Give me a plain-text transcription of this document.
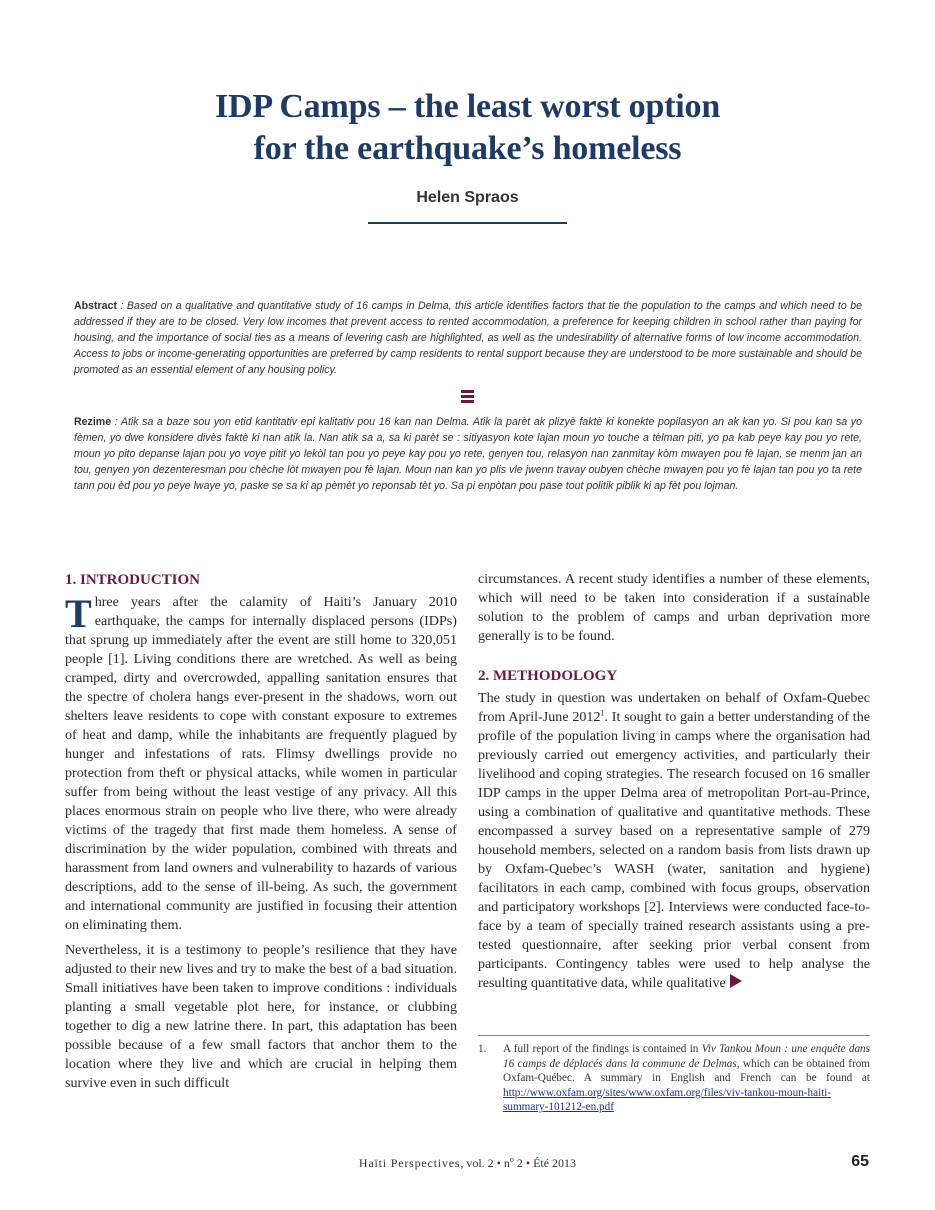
IDP Camps – the least worst option
for the earthquake’s homeless
Helen Spraos

Abstract : Based on a qualitative and quantitative study of 16 camps in Delma, this article identifies factors that tie the population to the camps and which need to be addressed if they are to be closed. Very low incomes that prevent access to rented accommodation, a preference for keeping children in school rather than paying for housing, and the importance of social ties as a means of levering cash are highlighted, as well as the undesirability of alternative forms of low income accommodation. Access to jobs or income-generating opportunities are preferred by camp residents to rental support because they are understood to be more sustainable and should be promoted as an essential element of any housing policy.

Rezime : Atik sa a baze sou yon etid kantitativ epi kalitativ pou 16 kan nan Delma. Atik la parèt ak plizyè faktè ki konekte popilasyon an ak kan yo. Si pou kan sa yo fèmen, yo dwe konsidere divès faktè ki nan atik la. Nan atik sa a, sa ki parèt se : sitiyasyon kote lajan moun yo touche a tèlman piti, yo pa kab peye kay pou yo rete, moun yo pito depanse lajan pou yo voye pitit yo lekòl tan pou yo peye kay pou yo rete, genyen tou, relasyon nan zanmitay kòm mwayen pou fè lajan, se menm jan an tou, genyen yon dezenteresman pou chèche lòt mwayen pou fè lajan. Moun nan kan yo plis vle jwenn travay oubyen chèche mwayen pou yo fè lajan tan pou yo ta rete tann pou èd pou yo peye lwaye yo, paske se sa ki ap pèmèt yo reponsab tèt yo. Sa pi enpòtan pou pase tout politik piblik ki ap fèt pou lojman.

1. INTRODUCTION

Three years after the calamity of Haiti’s January 2010 earthquake, the camps for internally displaced persons (IDPs) that sprung up immediately after the event are still home to 320,051 people [1]. Living conditions there are wretched. As well as being cramped, dirty and overcrowded, appalling sanitation ensures that the spectre of cholera hangs ever-present in the shadows, worn out shelters leave residents to cope with constant exposure to extremes of heat and damp, while the inhabitants are frequently plagued by hunger and infestations of rats. Flimsy dwellings provide no protection from theft or physical attacks, while women in particular suffer from being without the least vestige of any privacy. All this places enormous strain on people who live there, who were already victims of the tragedy that first made them homeless. A sense of discrimination by the wider population, combined with threats and harassment from land owners and vulnerability to hazards of various descriptions, add to the sense of ill-being. As such, the government and international community are justified in focusing their attention on eliminating them.

Nevertheless, it is a testimony to people’s resilience that they have adjusted to their new lives and try to make the best of a bad situation. Small initiatives have been taken to improve conditions : individuals planting a small vegetable plot here, for instance, or clubbing together to dig a new latrine there. In part, this adaptation has been possible because of a few small factors that anchor them to the location where they live and which are crucial in helping them survive even in such difficult

circumstances. A recent study identifies a number of these elements, which will need to be taken into consideration if a sustainable solution to the problem of camps and urban deprivation more generally is to be found.

2. METHODOLOGY

The study in question was undertaken on behalf of Oxfam-Quebec from April-June 2012$^1$. It sought to gain a better understanding of the profile of the population living in camps where the organisation had previously carried out emergency activities, and particularly their livelihood and coping strategies. The research focused on 16 smaller IDP camps in the upper Delma area of metropolitan Port-au-Prince, using a combination of qualitative and quantitative methods. These encompassed a survey based on a representative sample of 279 household members, selected on a random basis from lists drawn up by Oxfam-Quebec’s WASH (water, sanitation and hygiene) facilitators in each camp, combined with focus groups, observation and participatory workshops [2]. Interviews were conducted face-to-face by a team of specially trained research assistants using a pre-tested questionnaire, after seeking prior verbal consent from participants. Contingency tables were used to help analyse the resulting quantitative data, while qualitative

1.	A full report of the findings is contained in Viv Tankou Moun : une enquête dans 16 camps de déplacés dans la commune de Delmas, which can be obtained from Oxfam-Québec. A summary in English and French can be found at http://www.oxfam.org/sites/www.oxfam.org/files/viv-tankou-moun-haiti-summary-101212-en.pdf
Haïti Perspectives, vol. 2 • $n^o$ 2 • Été 2013	65
